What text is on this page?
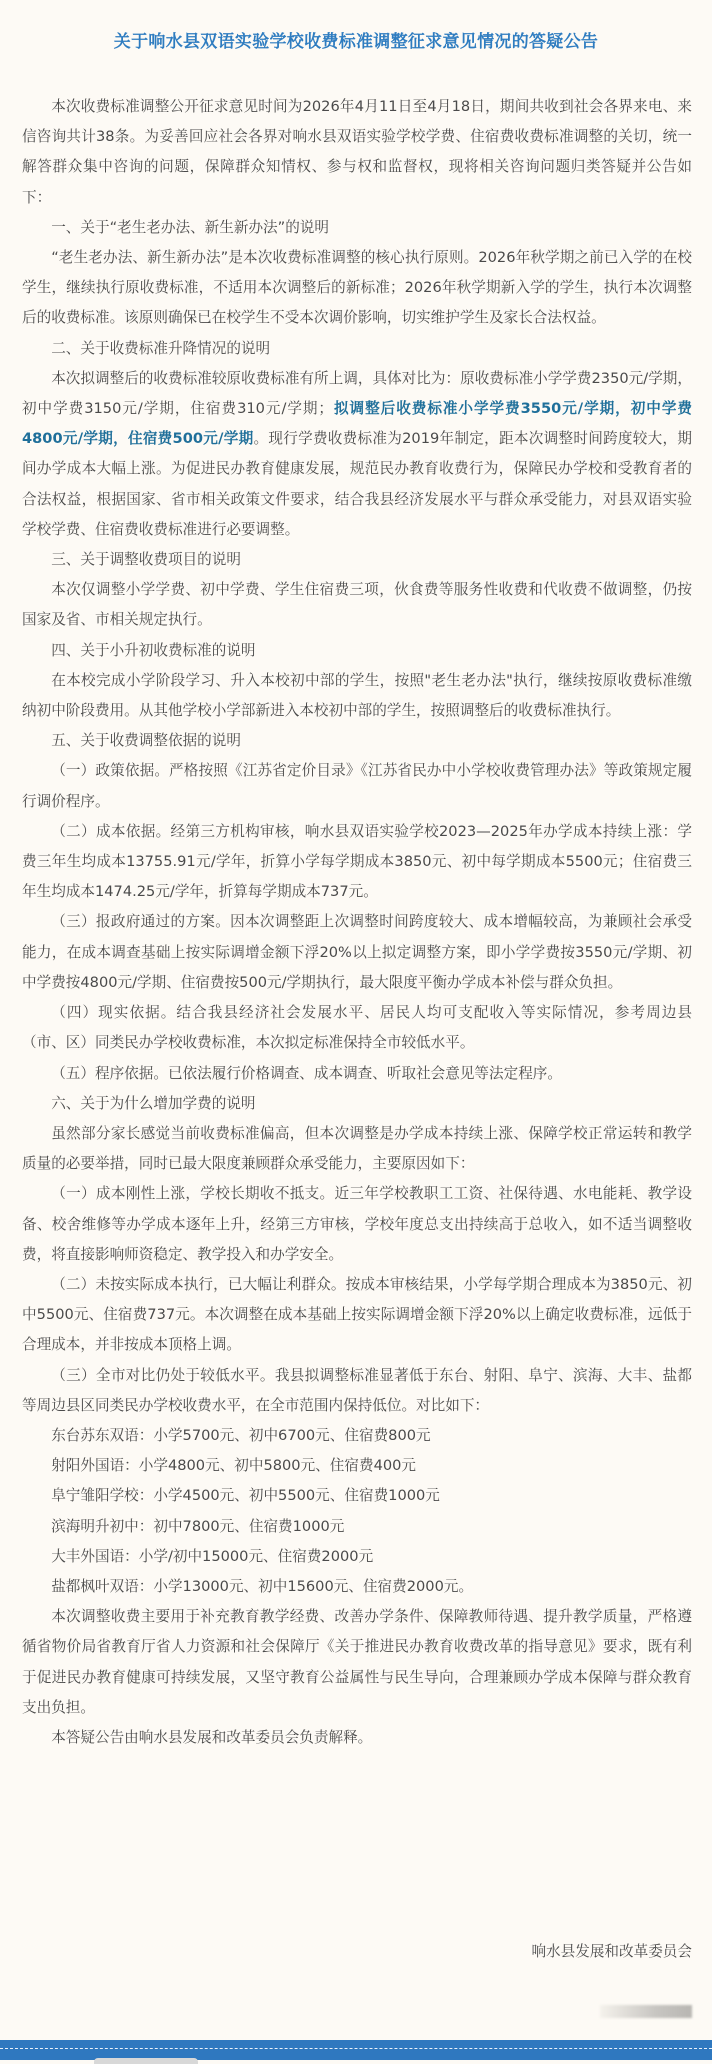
关于响水县双语实验学校收费标准调整征求意见情况的答疑公告

本次收费标准调整公开征求意见时间为2026年4月11日至4月18日，期间共收到社会各界来电、来信咨询共计38条。为妥善回应社会各界对响水县双语实验学校学费、住宿费收费标准调整的关切，统一解答群众集中咨询的问题，保障群众知情权、参与权和监督权，现将相关咨询问题归类答疑并公告如下：

一、关于“老生老办法、新生新办法”的说明

“老生老办法、新生新办法”是本次收费标准调整的核心执行原则。2026年秋学期之前已入学的在校学生，继续执行原收费标准，不适用本次调整后的新标准；2026年秋学期新入学的学生，执行本次调整后的收费标准。该原则确保已在校学生不受本次调价影响，切实维护学生及家长合法权益。

二、关于收费标准升降情况的说明

本次拟调整后的收费标准较原收费标准有所上调，具体对比为：原收费标准小学学费2350元/学期，初中学费3150元/学期，住宿费310元/学期；拟调整后收费标准小学学费3550元/学期，初中学费4800元/学期，住宿费500元/学期。现行学费收费标准为2019年制定，距本次调整时间跨度较大，期间办学成本大幅上涨。为促进民办教育健康发展，规范民办教育收费行为，保障民办学校和受教育者的合法权益，根据国家、省市相关政策文件要求，结合我县经济发展水平与群众承受能力，对县双语实验学校学费、住宿费收费标准进行必要调整。

三、关于调整收费项目的说明

本次仅调整小学学费、初中学费、学生住宿费三项，伙食费等服务性收费和代收费不做调整，仍按国家及省、市相关规定执行。

四、关于小升初收费标准的说明

在本校完成小学阶段学习、升入本校初中部的学生，按照"老生老办法"执行，继续按原收费标准缴纳初中阶段费用。从其他学校小学部新进入本校初中部的学生，按照调整后的收费标准执行。

五、关于收费调整依据的说明

（一）政策依据。严格按照《江苏省定价目录》《江苏省民办中小学校收费管理办法》等政策规定履行调价程序。

（二）成本依据。经第三方机构审核，响水县双语实验学校2023—2025年办学成本持续上涨：学费三年生均成本13755.91元/学年，折算小学每学期成本3850元、初中每学期成本5500元；住宿费三年生均成本1474.25元/学年，折算每学期成本737元。

（三）报政府通过的方案。因本次调整距上次调整时间跨度较大、成本增幅较高，为兼顾社会承受能力，在成本调查基础上按实际调增金额下浮20%以上拟定调整方案，即小学学费按3550元/学期、初中学费按4800元/学期、住宿费按500元/学期执行，最大限度平衡办学成本补偿与群众负担。

（四）现实依据。结合我县经济社会发展水平、居民人均可支配收入等实际情况，参考周边县（市、区）同类民办学校收费标准，本次拟定标准保持全市较低水平。

（五）程序依据。已依法履行价格调查、成本调查、听取社会意见等法定程序。

六、关于为什么增加学费的说明

虽然部分家长感觉当前收费标准偏高，但本次调整是办学成本持续上涨、保障学校正常运转和教学质量的必要举措，同时已最大限度兼顾群众承受能力，主要原因如下：

（一）成本刚性上涨，学校长期收不抵支。近三年学校教职工工资、社保待遇、水电能耗、教学设备、校舍维修等办学成本逐年上升，经第三方审核，学校年度总支出持续高于总收入，如不适当调整收费，将直接影响师资稳定、教学投入和办学安全。

（二）未按实际成本执行，已大幅让利群众。按成本审核结果，小学每学期合理成本为3850元、初中5500元、住宿费737元。本次调整在成本基础上按实际调增金额下浮20%以上确定收费标准，远低于合理成本，并非按成本顶格上调。

（三）全市对比仍处于较低水平。我县拟调整标准显著低于东台、射阳、阜宁、滨海、大丰、盐都等周边县区同类民办学校收费水平，在全市范围内保持低位。对比如下：

东台苏东双语：小学5700元、初中6700元、住宿费800元

射阳外国语：小学4800元、初中5800元、住宿费400元

阜宁雏阳学校：小学4500元、初中5500元、住宿费1000元

滨海明升初中：初中7800元、住宿费1000元

大丰外国语：小学/初中15000元、住宿费2000元

盐都枫叶双语：小学13000元、初中15600元、住宿费2000元。

本次调整收费主要用于补充教育教学经费、改善办学条件、保障教师待遇、提升教学质量，严格遵循省物价局省教育厅省人力资源和社会保障厅《关于推进民办教育收费改革的指导意见》要求，既有利于促进民办教育健康可持续发展，又坚守教育公益属性与民生导向，合理兼顾办学成本保障与群众教育支出负担。

本答疑公告由响水县发展和改革委员会负责解释。

响水县发展和改革委员会
